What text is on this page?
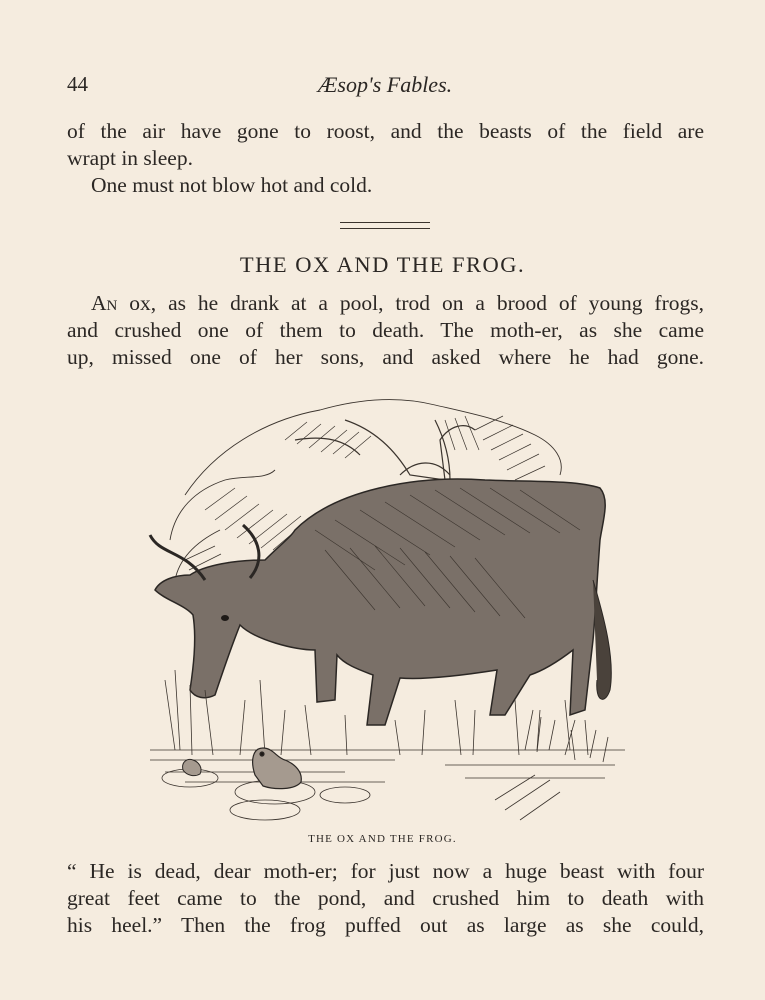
44	Æsop's Fables.
of the air have gone to roost, and the beasts of the field are
wrapt in sleep.
One must not blow hot and cold.
THE OX AND THE FROG.
An ox, as he drank at a pool, trod on a brood of young frogs,
and crushed one of them to death. The moth-er, as she came
up, missed one of her sons, and asked where he had gone.
THE OX AND THE FROG.
“ He is dead, dear moth-er; for just now a huge beast with four
great feet came to the pond, and crushed him to death with
his heel.” Then the frog puffed out as large as she could,
